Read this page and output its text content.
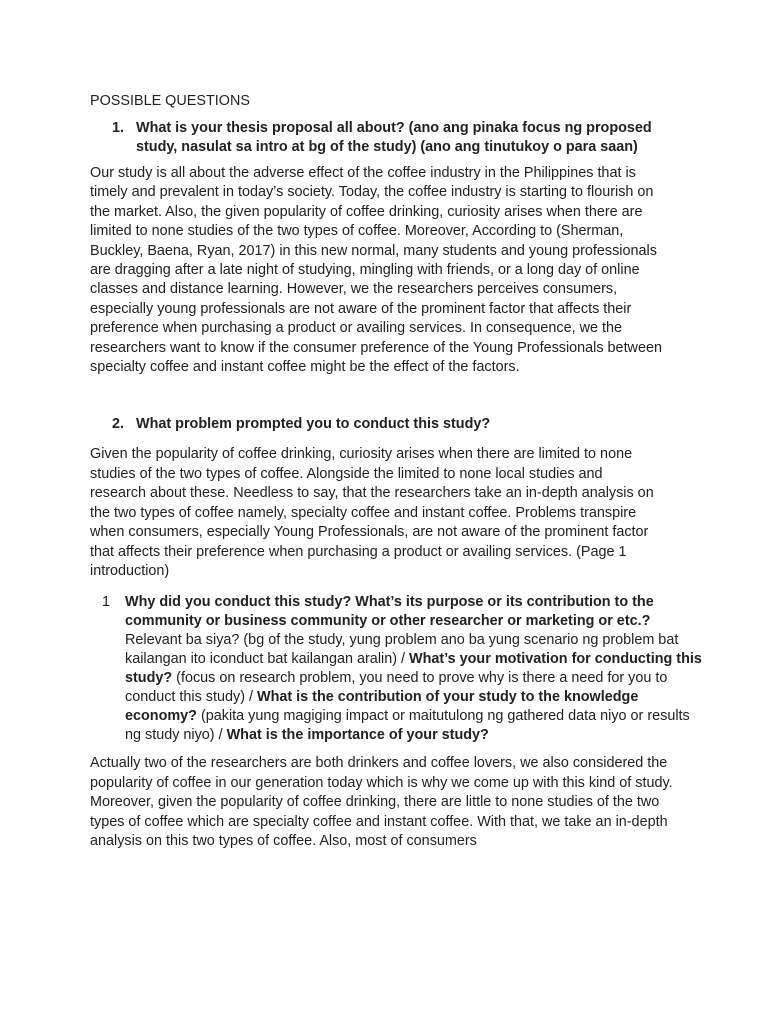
POSSIBLE QUESTIONS

1. What is your thesis proposal all about? (ano ang pinaka focus ng proposed study, nasulat sa intro at bg of the study) (ano ang tinutukoy o para saan)

Our study is all about the adverse effect of the coffee industry in the Philippines that is timely and prevalent in today’s society. Today, the coffee industry is starting to flourish on the market. Also, the given popularity of coffee drinking, curiosity arises when there are limited to none studies of the two types of coffee. Moreover, According to (Sherman, Buckley, Baena, Ryan, 2017) in this new normal, many students and young professionals are dragging after a late night of studying, mingling with friends, or a long day of online classes and distance learning. However, we the researchers perceives consumers, especially young professionals are not aware of the prominent factor that affects their preference when purchasing a product or availing services. In consequence, we the researchers want to know if the consumer preference of the Young Professionals between specialty coffee and instant coffee might be the effect of the factors.

2. What problem prompted you to conduct this study?

Given the popularity of coffee drinking, curiosity arises when there are limited to none studies of the two types of coffee. Alongside the limited to none local studies and research about these. Needless to say, that the researchers take an in-depth analysis on the two types of coffee namely, specialty coffee and instant coffee. Problems transpire when consumers, especially Young Professionals, are not aware of the prominent factor that affects their preference when purchasing a product or availing services. (Page 1 introduction)

1	Why did you conduct this study? What’s its purpose or its contribution to the community or business community or other researcher or marketing or etc.? Relevant ba siya? (bg of the study, yung problem ano ba yung scenario ng problem bat kailangan ito iconduct bat kailangan aralin) / What’s your motivation for conducting this study? (focus on research problem, you need to prove why is there a need for you to conduct this study) / What is the contribution of your study to the knowledge economy? (pakita yung magiging impact or maitutulong ng gathered data niyo or results ng study niyo) / What is the importance of your study?

Actually two of the researchers are both drinkers and coffee lovers, we also considered the popularity of coffee in our generation today which is why we come up with this kind of study. Moreover, given the popularity of coffee drinking, there are little to none studies of the two types of coffee which are specialty coffee and instant coffee. With that, we take an in-depth analysis on this two types of coffee. Also, most of consumers
